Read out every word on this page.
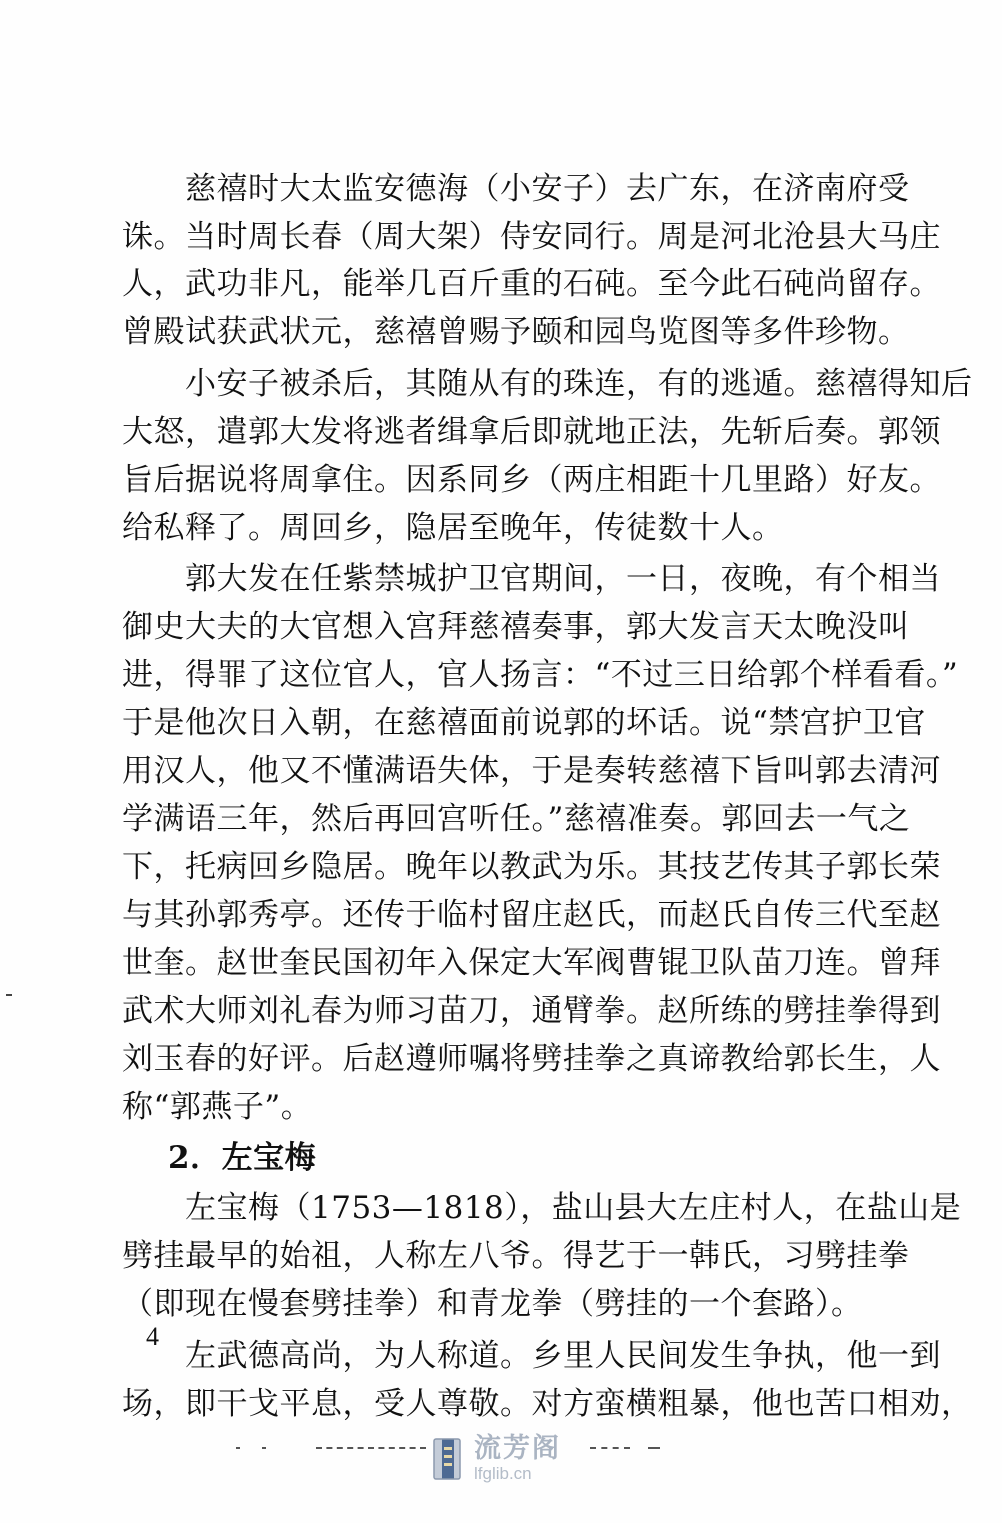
慈禧时大太监安德海（小安子）去广东，在济南府受
诛。当时周长春（周大架）侍安同行。周是河北沧县大马庄
人，武功非凡，能举几百斤重的石砘。至今此石砘尚留存。
曾殿试获武状元，慈禧曾赐予颐和园鸟览图等多件珍物。
小安子被杀后，其随从有的珠连，有的逃遁。慈禧得知后
大怒，遣郭大发将逃者缉拿后即就地正法，先斩后奏。郭领
旨后据说将周拿住。因系同乡（两庄相距十几里路）好友。
给私释了。周回乡，隐居至晚年，传徒数十人。
郭大发在任紫禁城护卫官期间，一日，夜晚，有个相当
御史大夫的大官想入宫拜慈禧奏事，郭大发言天太晚没叫
进，得罪了这位官人，官人扬言：“不过三日给郭个样看看。”
于是他次日入朝，在慈禧面前说郭的坏话。说“禁宫护卫官
用汉人，他又不懂满语失体，于是奏转慈禧下旨叫郭去清河
学满语三年，然后再回宫听任。”慈禧准奏。郭回去一气之
下，托病回乡隐居。晚年以教武为乐。其技艺传其子郭长荣
与其孙郭秀亭。还传于临村留庄赵氏，而赵氏自传三代至赵
世奎。赵世奎民国初年入保定大军阀曹锟卫队苗刀连。曾拜
武术大师刘礼春为师习苗刀，通臂拳。赵所练的劈挂拳得到
刘玉春的好评。后赵遵师嘱将劈挂拳之真谛教给郭长生，人
称“郭燕子”。
2．左宝梅
左宝梅（1753—1818），盐山县大左庄村人，在盐山是
劈挂最早的始祖，人称左八爷。得艺于一韩氏，习劈挂拳
（即现在慢套劈挂拳）和青龙拳（劈挂的一个套路）。
4
流芳阁
lfglib.cn
左武德高尚，为人称道。乡里人民间发生争执，他一到
场，即干戈平息，受人尊敬。对方蛮横粗暴，他也苦口相劝，
